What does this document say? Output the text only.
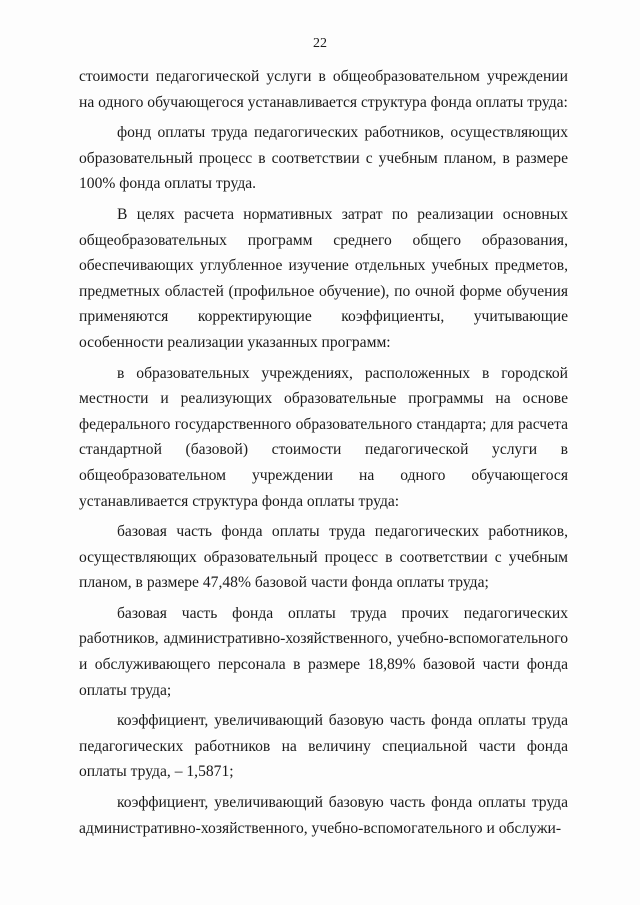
22

стоимости педагогической услуги в общеобразовательном учреждении на одного обучающегося устанавливается структура фонда оплаты труда:

фонд оплаты труда педагогических работников, осуществляющих образовательный процесс в соответствии с учебным планом, в размере 100% фонда оплаты труда.

В целях расчета нормативных затрат по реализации основных общеобразовательных программ среднего общего образования, обеспечивающих углубленное изучение отдельных учебных предметов, предметных областей (профильное обучение), по очной форме обучения применяются корректирующие коэффициенты, учитывающие особенности реализации указанных программ:

в образовательных учреждениях, расположенных в городской местности и реализующих образовательные программы на основе федерального государственного образовательного стандарта; для расчета стандартной (базовой) стоимости педагогической услуги в общеобразовательном учреждении на одного обучающегося устанавливается структура фонда оплаты труда:

базовая часть фонда оплаты труда педагогических работников, осуществляющих образовательный процесс в соответствии с учебным планом, в размере 47,48% базовой части фонда оплаты труда;

базовая часть фонда оплаты труда прочих педагогических работников, административно-хозяйственного, учебно-вспомогательного и обслуживающего персонала в размере 18,89% базовой части фонда оплаты труда;

коэффициент, увеличивающий базовую часть фонда оплаты труда педагогических работников на величину специальной части фонда оплаты труда, – 1,5871;

коэффициент, увеличивающий базовую часть фонда оплаты труда административно-хозяйственного, учебно-вспомогательного и обслужи-
